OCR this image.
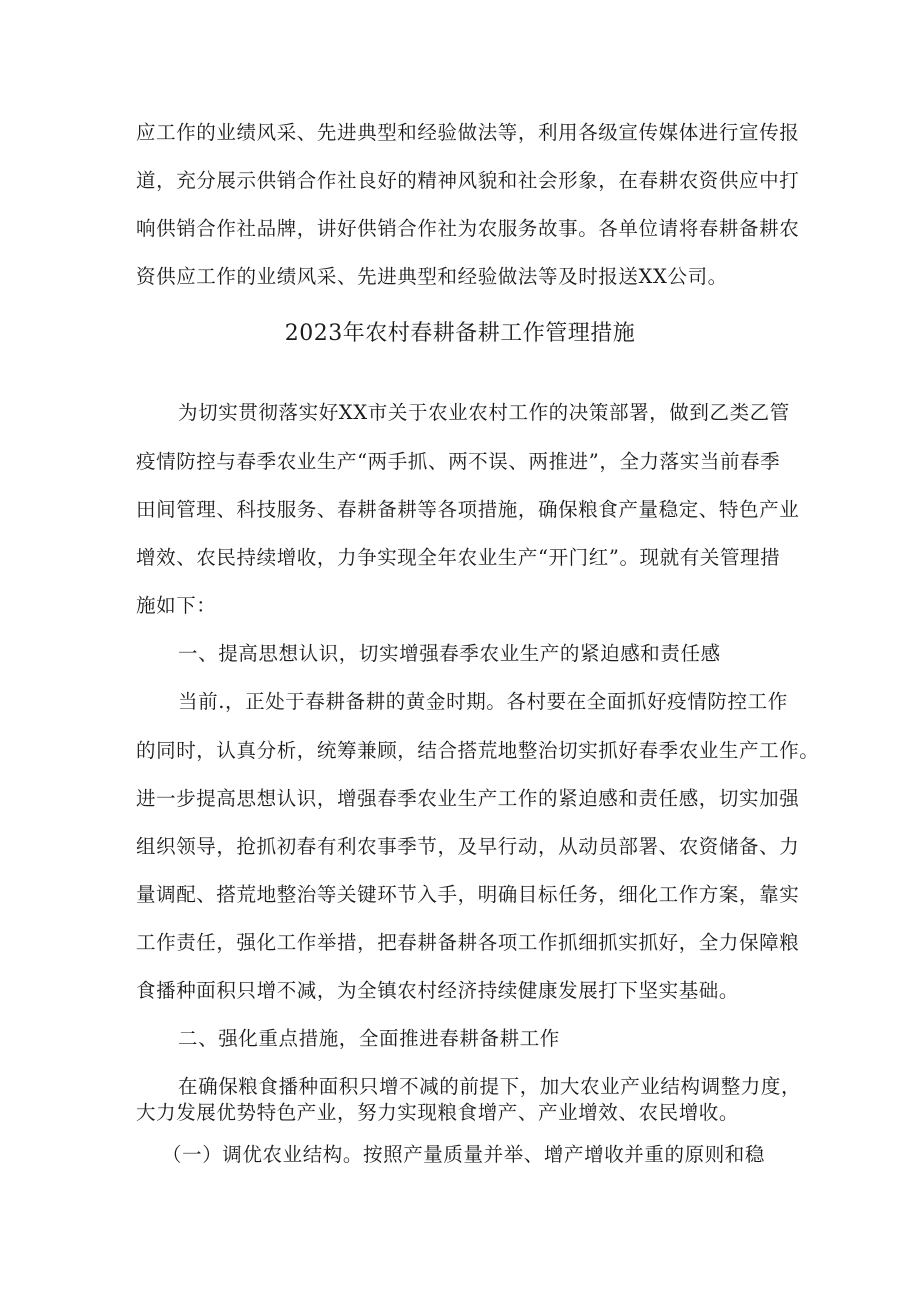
应工作的业绩风采、先进典型和经验做法等，利用各级宣传媒体进行宣传报
道，充分展示供销合作社良好的精神风貌和社会形象，在春耕农资供应中打
响供销合作社品牌，讲好供销合作社为农服务故事。各单位请将春耕备耕农
资供应工作的业绩风采、先进典型和经验做法等及时报送XX公司。
2023年农村春耕备耕工作管理措施
为切实贯彻落实好XX市关于农业农村工作的决策部署，做到乙类乙管
疫情防控与春季农业生产“两手抓、两不误、两推进”，全力落实当前春季
田间管理、科技服务、春耕备耕等各项措施，确保粮食产量稳定、特色产业
增效、农民持续增收，力争实现全年农业生产“开门红”。现就有关管理措
施如下：
一、提高思想认识，切实增强春季农业生产的紧迫感和责任感
当前.，正处于春耕备耕的黄金时期。各村要在全面抓好疫情防控工作
的同时，认真分析，统筹兼顾，结合搭荒地整治切实抓好春季农业生产工作。
进一步提高思想认识，增强春季农业生产工作的紧迫感和责任感，切实加强
组织领导，抢抓初春有利农事季节，及早行动，从动员部署、农资储备、力
量调配、搭荒地整治等关键环节入手，明确目标任务，细化工作方案，靠实
工作责任，强化工作举措，把春耕备耕各项工作抓细抓实抓好，全力保障粮
食播种面积只增不减，为全镇农村经济持续健康发展打下坚实基础。
二、强化重点措施，全面推进春耕备耕工作
在确保粮食播种面积只增不减的前提下，加大农业产业结构调整力度，
大力发展优势特色产业，努力实现粮食增产、产业增效、农民增收。
（一）调优农业结构。按照产量质量并举、增产增收并重的原则和稳
